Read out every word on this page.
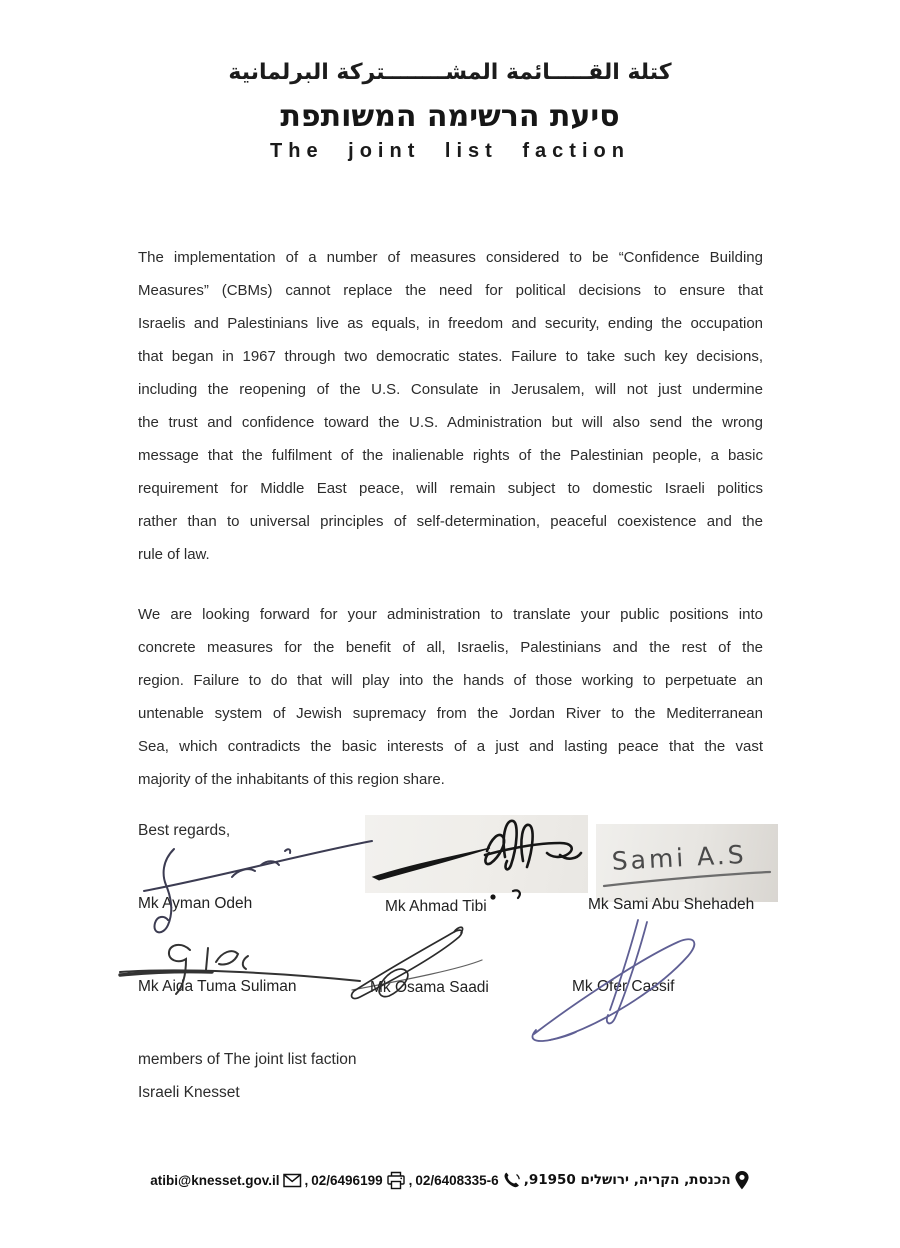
كتلة القـــــائمة المشــــــــتركة البرلمانية
סיעת הרשימה המשותפת
The joint list faction
The implementation of a number of measures considered to be “Confidence Building
Measures” (CBMs) cannot replace the need for political decisions to ensure that
Israelis and Palestinians live as equals, in freedom and security, ending the occupation
that began in 1967 through two democratic states. Failure to take such key decisions,
including the reopening of the U.S. Consulate in Jerusalem, will not just undermine
the trust and confidence toward the U.S. Administration but will also send the wrong
message that the fulfilment of the inalienable rights of the Palestinian people, a basic
requirement for Middle East peace, will remain subject to domestic Israeli politics
rather than to universal principles of self-determination, peaceful coexistence and the
rule of law.
We are looking forward for your administration to translate your public positions into
concrete measures for the benefit of all, Israelis, Palestinians and the rest of the
region. Failure to do that will play into the hands of those working to perpetuate an
untenable system of Jewish supremacy from the Jordan River to the Mediterranean
Sea, which contradicts the basic interests of a just and lasting peace that the vast
majority of the inhabitants of this region share.
Best regards,
Mk Ayman Odeh	Mk Ahmad Tibi
Sami A.S
Mk Sami Abu Shehadeh
Mk Aida Tuma Suliman	Mk Osama Saadi	Mk Ofer Cassif
members of The joint list faction
Israeli Knesset
atibi@knesset.gov.il , 02/6496199 , 02/6408335-6 הכנסת, הקריה, ירושלים 91950,
